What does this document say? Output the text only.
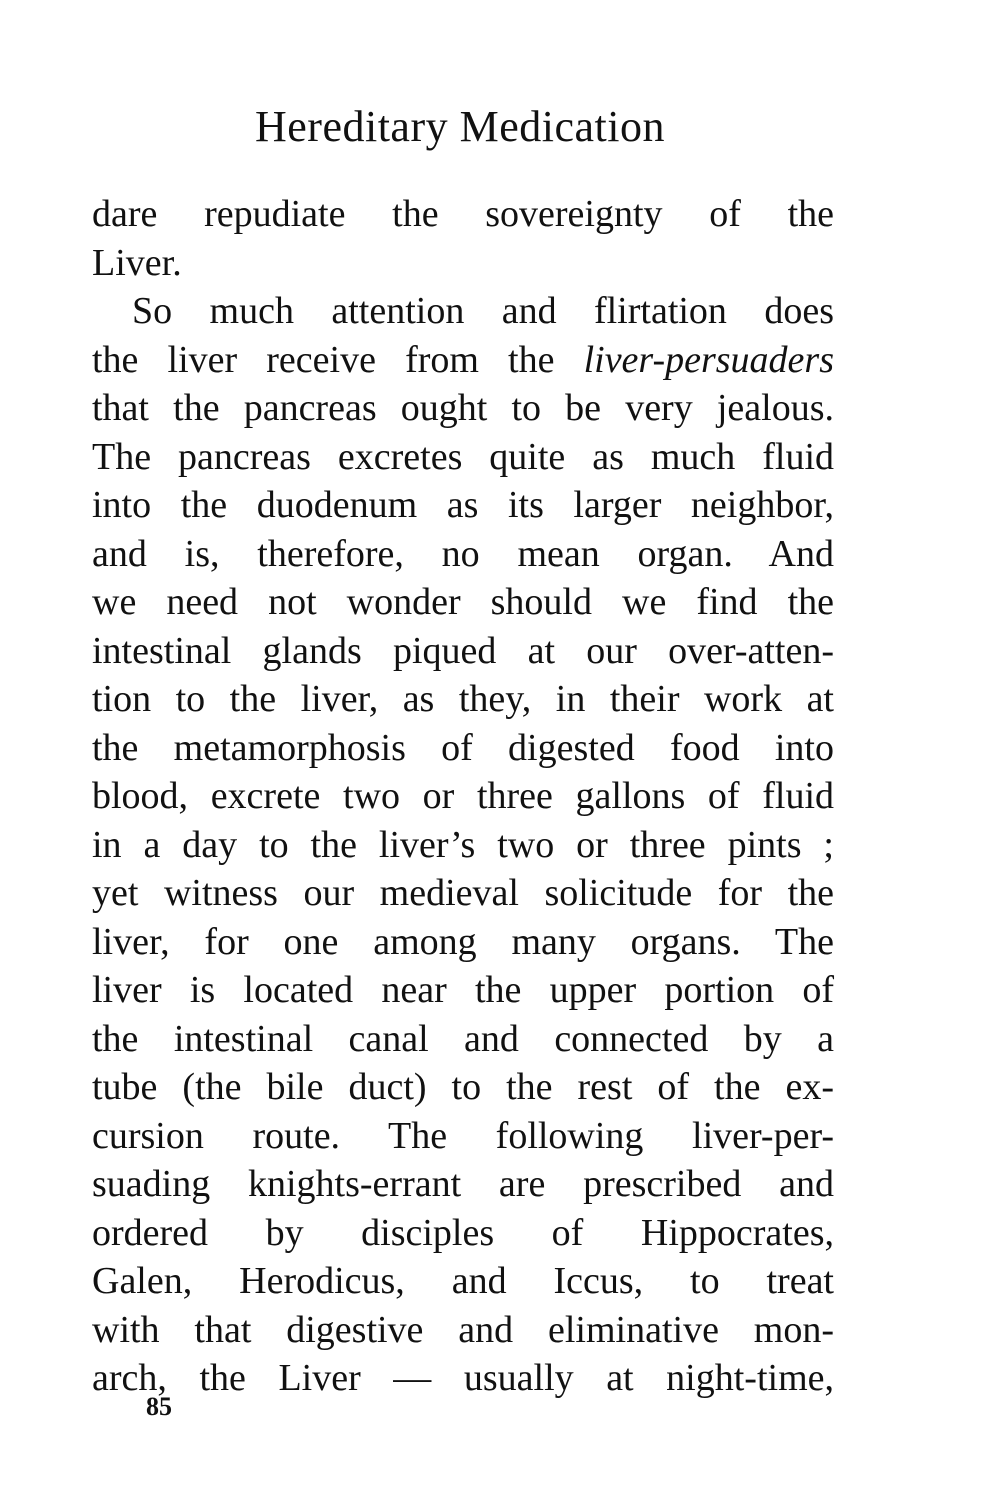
Hereditary Medication
dare repudiate the sovereignty of the
Liver.
So much attention and flirtation does
the liver receive from the liver-persuaders
that the pancreas ought to be very jealous.
The pancreas excretes quite as much fluid
into the duodenum as its larger neighbor,
and is, therefore, no mean organ. And
we need not wonder should we find the
intestinal glands piqued at our over-atten-
tion to the liver, as they, in their work at
the metamorphosis of digested food into
blood, excrete two or three gallons of fluid
in a day to the liver’s two or three pints ;
yet witness our medieval solicitude for the
liver, for one among many organs. The
liver is located near the upper portion of
the intestinal canal and connected by a
tube (the bile duct) to the rest of the ex-
cursion route. The following liver-per-
suading knights-errant are prescribed and
ordered by disciples of Hippocrates,
Galen, Herodicus, and Iccus, to treat
with that digestive and eliminative mon-
arch, the Liver — usually at night-time,
85
